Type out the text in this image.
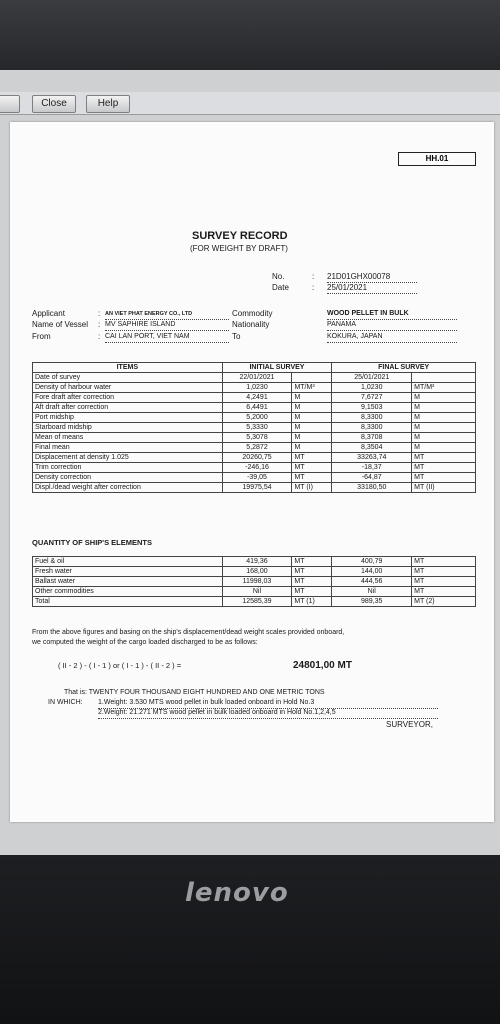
Close	Help
HH.01
SURVEY RECORD
(FOR WEIGHT BY DRAFT)
No.	: 21D01GHX00078
Date	: 25/01/2021
Applicant	: AN VIET PHAT ENERGY CO., LTD
Name of Vessel : MV SAPHIRE ISLAND
From	: CAI LAN PORT, VIET NAM
Commodity	WOOD PELLET IN BULK
Nationality	PANAMA
To	KOKURA, JAPAN
ITEMS	INITIAL SURVEY		FINAL SURVEY	
Date of survey	22/01/2021		25/01/2021	
Density of harbour water	1,0230	MT/M³	1,0230	MT/M³
Fore draft after correction	4,2491	M	7,6727	M
Aft draft after correction	6,4491	M	9,1503	M
Port midship	5,2000	M	8,3300	M
Starboard midship	5,3330	M	8,3300	M
Mean of means	5,3078	M	8,3708	M
Final mean	5,2872	M	8,3504	M
Displacement at density 1.025	20260,75	MT	33263,74	MT
Trim correction	-246,16	MT	-18,37	MT
Density correction	-39,05	MT	-64,87	MT
Displ./dead weight after correction	19975,54	MT (I)	33180,50	MT (II)
QUANTITY OF SHIP'S ELEMENTS
Fuel & oil	419,36	MT	400,79	MT
Fresh water	168,00	MT	144,00	MT
Ballast water	11998,03	MT	444,56	MT
Other commodities	Nil	MT	Nil	MT
Total	12585,39	MT (1)	989,35	MT (2)
From the above figures and basing on the ship's displacement/dead weight scales provided onboard,
we computed the weight of the cargo loaded discharged to be as follows:
( II - 2 ) - ( I - 1 ) or ( I - 1 ) - ( II - 2 ) =	24801,00 MT
That is: TWENTY FOUR THOUSAND EIGHT HUNDRED AND ONE METRIC TONS
IN WHICH: 1.Weight: 3.530 MTS wood pellet in bulk loaded onboard in Hold No.3
2.Weight: 21.271 MTS wood pellet in bulk loaded onboard in Hold No.1,2,4,5
SURVEYOR,
lenovo
